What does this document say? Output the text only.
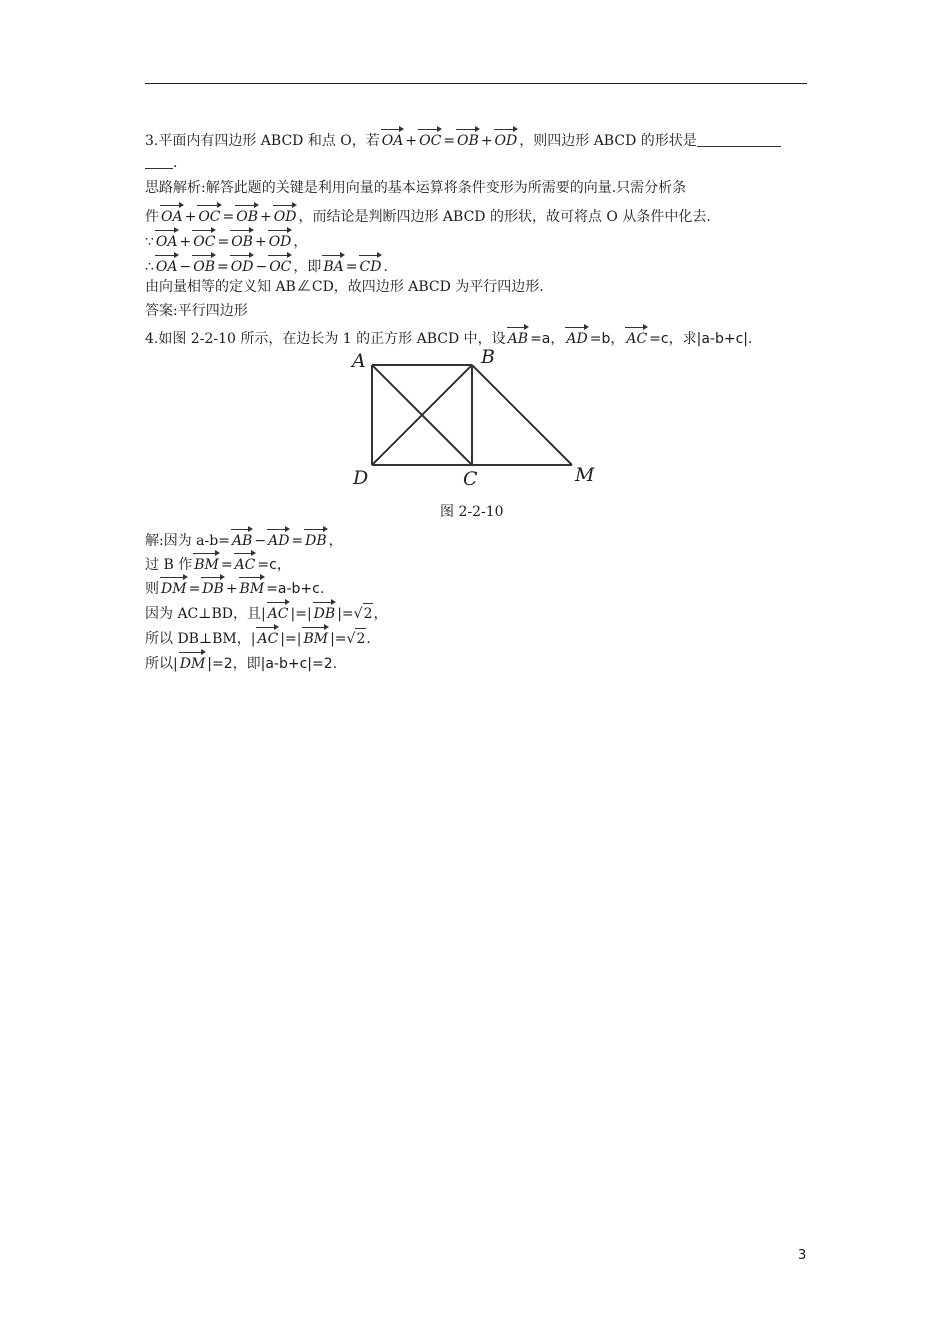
3.平面内有四边形 ABCD 和点 O，若 OA + OC = OB + OD ，则四边形 ABCD 的形状是
.
思路解析:解答此题的关键是利用向量的基本运算将条件变形为所需要的向量.只需分析条
件 OA + OC = OB + OD ，而结论是判断四边形 ABCD 的形状，故可将点 O 从条件中化去.
∵ OA + OC = OB + OD ，
∴ OA − OB = OD − OC ，即 BA = CD .
由向量相等的定义知 AB CD，故四边形 ABCD 为平行四边形.
答案:平行四边形
4.如图 2-2-10 所示，在边长为 1 的正方形 ABCD 中，设 AB =a， AD =b， AC =c，求|a-b+c|.
A	B
D	C	M
图 2-2-10
解:因为 a-b= AB − AD = DB ，
过 B 作 BM = AC =c，
则 DM = DB + BM =a-b+c.
因为 AC⊥BD，且| AC |=| DB |=√2，
所以 DB⊥BM，| AC |=| BM |=√2.
所以| DM |=2，即|a-b+c|=2.
3
